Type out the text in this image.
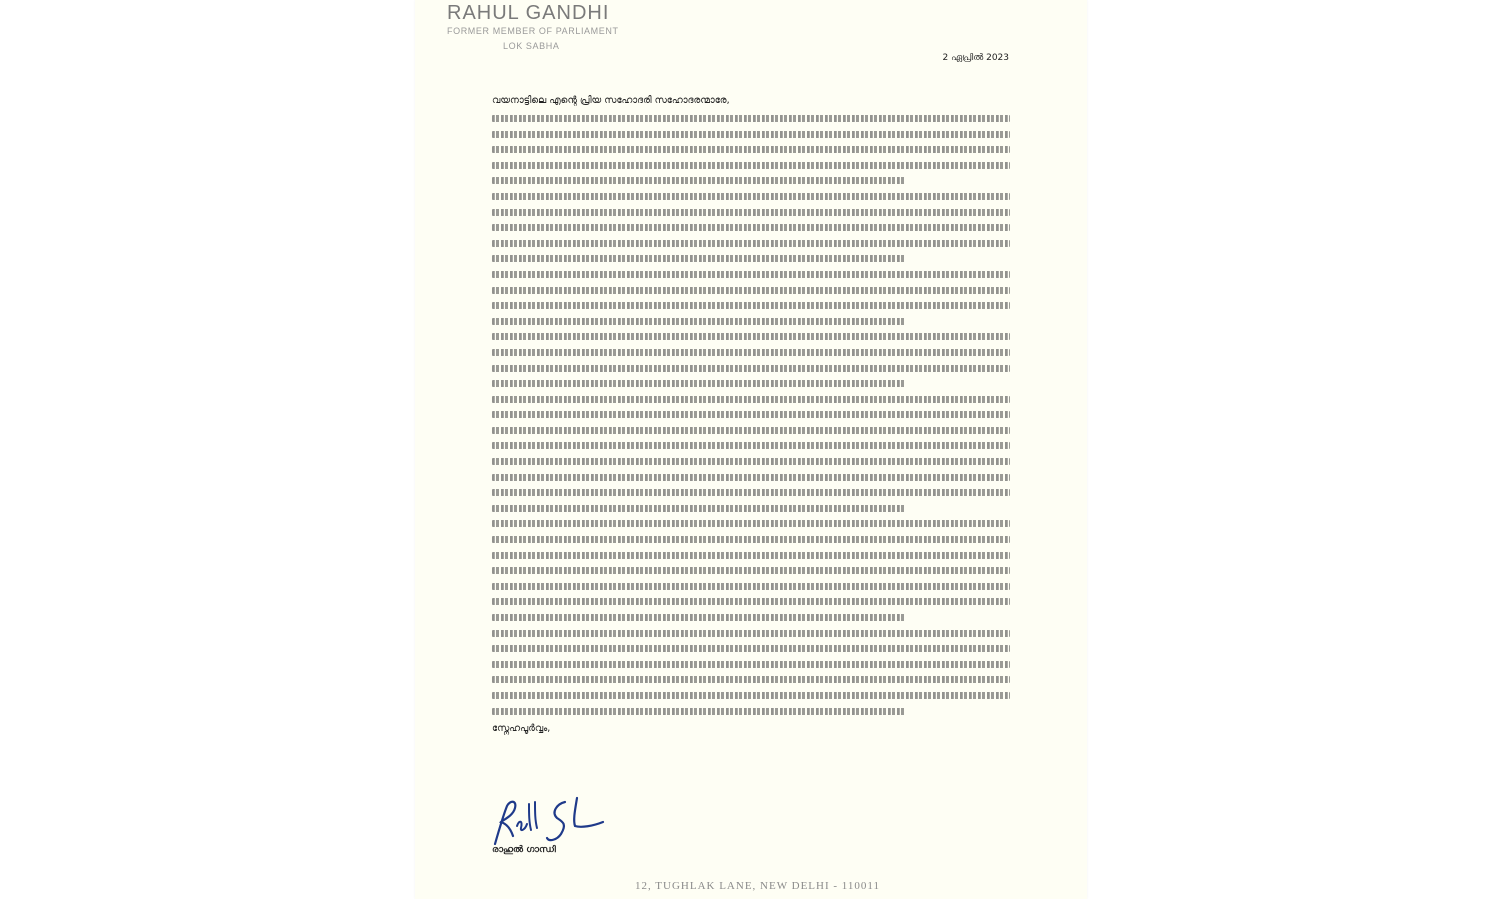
RAHUL GANDHI
FORMER MEMBER OF PARLIAMENT
LOK SABHA
2 ഏപ്രിൽ 2023
വയനാട്ടിലെ എന്റെ പ്രിയ സഹോദരി സഹോദരന്മാരേ,
സ്നേഹപൂർവ്വം,
രാഹുൽ ഗാന്ധി
12, TUGHLAK LANE, NEW DELHI - 110011
